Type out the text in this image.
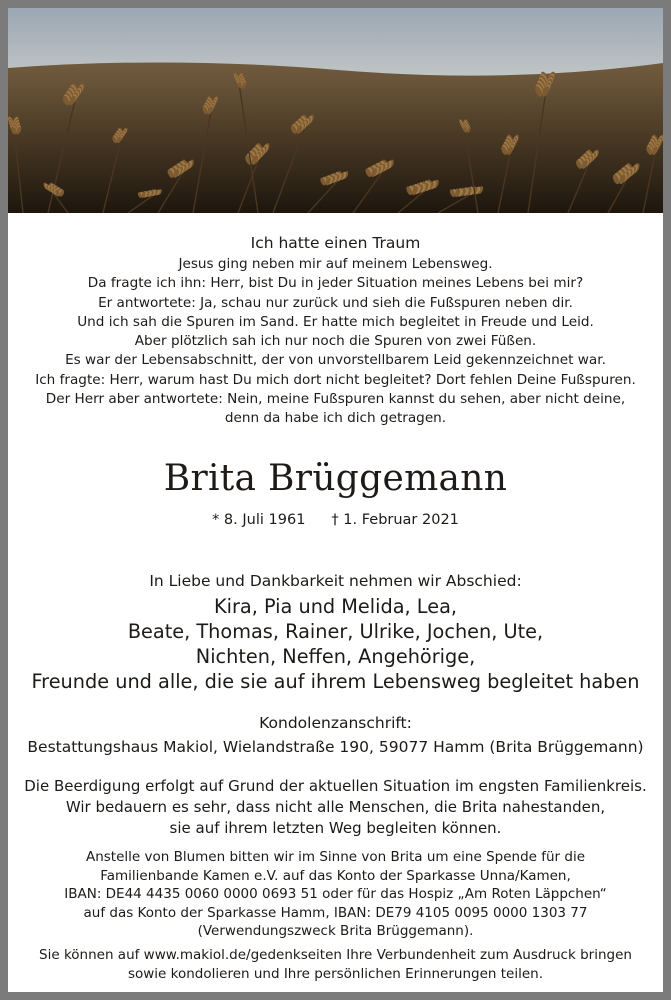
Ich hatte einen Traum
Jesus ging neben mir auf meinem Lebensweg.
Da fragte ich ihn: Herr, bist Du in jeder Situation meines Lebens bei mir?
Er antwortete: Ja, schau nur zurück und sieh die Fußspuren neben dir.
Und ich sah die Spuren im Sand. Er hatte mich begleitet in Freude und Leid.
Aber plötzlich sah ich nur noch die Spuren von zwei Füßen.
Es war der Lebensabschnitt, der von unvorstellbarem Leid gekennzeichnet war.
Ich fragte: Herr, warum hast Du mich dort nicht begleitet? Dort fehlen Deine Fußspuren.
Der Herr aber antwortete: Nein, meine Fußspuren kannst du sehen, aber nicht deine,
denn da habe ich dich getragen.
Brita Brüggemann
* 8. Juli 1961 † 1. Februar 2021
In Liebe und Dankbarkeit nehmen wir Abschied:
Kira, Pia und Melida, Lea,
Beate, Thomas, Rainer, Ulrike, Jochen, Ute,
Nichten, Neffen, Angehörige,
Freunde und alle, die sie auf ihrem Lebensweg begleitet haben
Kondolenzanschrift:
Bestattungshaus Makiol, Wielandstraße 190, 59077 Hamm (Brita Brüggemann)
Die Beerdigung erfolgt auf Grund der aktuellen Situation im engsten Familienkreis.
Wir bedauern es sehr, dass nicht alle Menschen, die Brita nahestanden,
sie auf ihrem letzten Weg begleiten können.
Anstelle von Blumen bitten wir im Sinne von Brita um eine Spende für die
Familienbande Kamen e.V. auf das Konto der Sparkasse Unna/Kamen,
IBAN: DE44 4435 0060 0000 0693 51 oder für das Hospiz „Am Roten Läppchen“
auf das Konto der Sparkasse Hamm, IBAN: DE79 4105 0095 0000 1303 77
(Verwendungszweck Brita Brüggemann).
Sie können auf www.makiol.de/gedenkseiten Ihre Verbundenheit zum Ausdruck bringen
sowie kondolieren und Ihre persönlichen Erinnerungen teilen.
